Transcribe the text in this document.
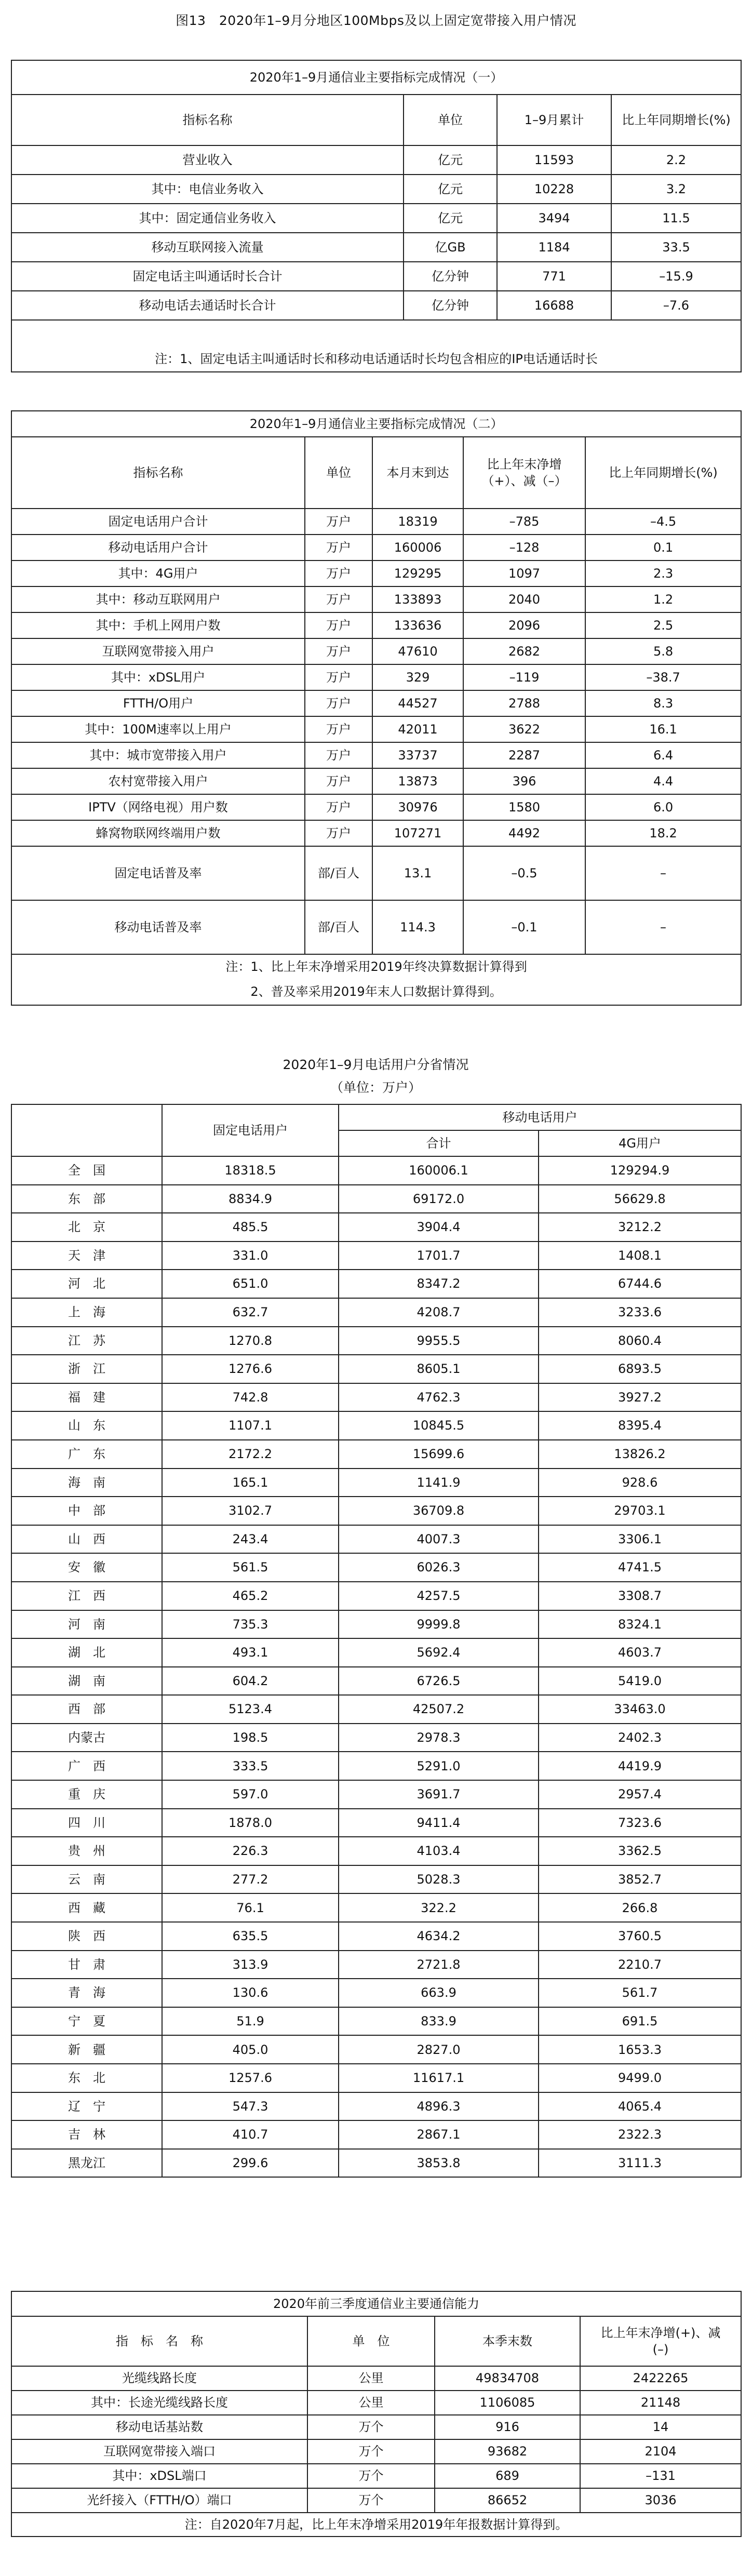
图13　2020年1–9月分地区100Mbps及以上固定宽带接入用户情况
2020年1–9月通信业主要指标完成情况（一）			
指标名称	单位	1–9月累计	比上年同期增长(%)
营业收入	亿元	11593	2.2
其中：电信业务收入	亿元	10228	3.2
其中：固定通信业务收入	亿元	3494	11.5
移动互联网接入流量	亿GB	1184	33.5
固定电话主叫通话时长合计	亿分钟	771	–15.9
移动电话去通话时长合计	亿分钟	16688	–7.6

注：1、固定电话主叫通话时长和移动电话通话时长均包含相应的IP电话通话时长			
2020年1–9月通信业主要指标完成情况（二）				
指标名称	单位	本月末到达	比上年末净增（+）、减（–）	比上年同期增长(%)
固定电话用户合计	万户	18319	–785	–4.5
移动电话用户合计	万户	160006	–128	0.1
其中：4G用户	万户	129295	1097	2.3
其中：移动互联网用户	万户	133893	2040	1.2
其中：手机上网用户数	万户	133636	2096	2.5
互联网宽带接入用户	万户	47610	2682	5.8
其中：xDSL用户	万户	329	–119	–38.7
FTTH/O用户	万户	44527	2788	8.3
其中：100M速率以上用户	万户	42011	3622	16.1
其中：城市宽带接入用户	万户	33737	2287	6.4
农村宽带接入用户	万户	13873	396	4.4
IPTV（网络电视）用户数	万户	30976	1580	6.0
蜂窝物联网终端用户数	万户	107271	4492	18.2
固定电话普及率	部/百人	13.1	–0.5	–
移动电话普及率	部/百人	114.3	–0.1	–
注：1、比上年末净增采用2019年终决算数据计算得到				
2、普及率采用2019年末人口数据计算得到。				
2020年1–9月电话用户分省情况
（单位：万户）
	固定电话用户	移动电话用户	
		合计	4G用户
全　国	18318.5	160006.1	129294.9
东　部	8834.9	69172.0	56629.8
北　京	485.5	3904.4	3212.2
天　津	331.0	1701.7	1408.1
河　北	651.0	8347.2	6744.6
上　海	632.7	4208.7	3233.6
江　苏	1270.8	9955.5	8060.4
浙　江	1276.6	8605.1	6893.5
福　建	742.8	4762.3	3927.2
山　东	1107.1	10845.5	8395.4
广　东	2172.2	15699.6	13826.2
海　南	165.1	1141.9	928.6
中　部	3102.7	36709.8	29703.1
山　西	243.4	4007.3	3306.1
安　徽	561.5	6026.3	4741.5
江　西	465.2	4257.5	3308.7
河　南	735.3	9999.8	8324.1
湖　北	493.1	5692.4	4603.7
湖　南	604.2	6726.5	5419.0
西　部	5123.4	42507.2	33463.0
内蒙古	198.5	2978.3	2402.3
广　西	333.5	5291.0	4419.9
重　庆	597.0	3691.7	2957.4
四　川	1878.0	9411.4	7323.6
贵　州	226.3	4103.4	3362.5
云　南	277.2	5028.3	3852.7
西　藏	76.1	322.2	266.8
陕　西	635.5	4634.2	3760.5
甘　肃	313.9	2721.8	2210.7
青　海	130.6	663.9	561.7
宁　夏	51.9	833.9	691.5
新　疆	405.0	2827.0	1653.3
东　北	1257.6	11617.1	9499.0
辽　宁	547.3	4896.3	4065.4
吉　林	410.7	2867.1	2322.3
黑龙江	299.6	3853.8	3111.3
2020年前三季度通信业主要通信能力			
指　标　名　称	单　位	本季末数	比上年末净增(+)、减(–)
光缆线路长度	公里	49834708	2422265
其中：长途光缆线路长度	公里	1106085	21148
移动电话基站数	万个	916	14
互联网宽带接入端口	万个	93682	2104
其中：xDSL端口	万个	689	–131
光纤接入（FTTH/O）端口	万个	86652	3036
注：自2020年7月起，比上年末净增采用2019年年报数据计算得到。			
